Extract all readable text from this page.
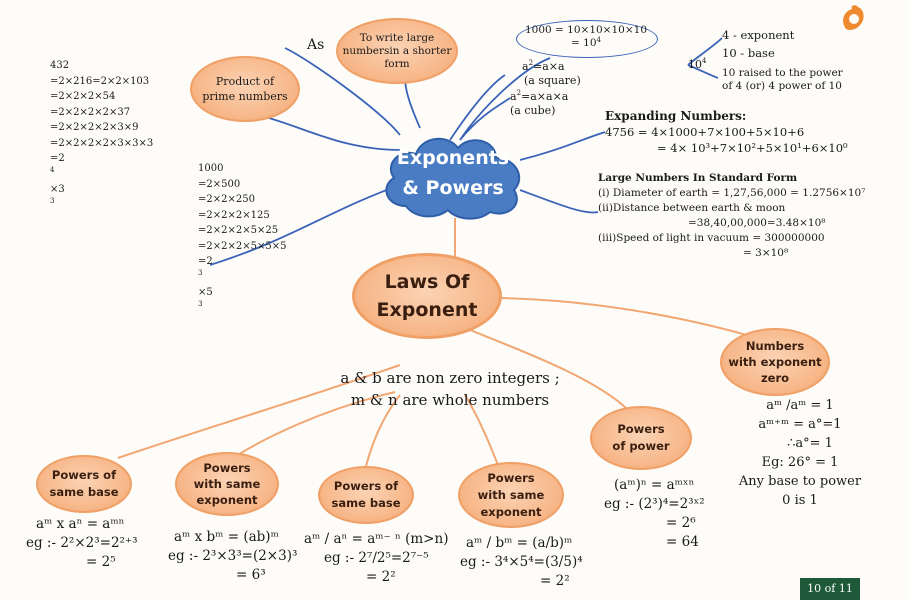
Exponents
& Powers
Laws Of
Exponent
As	To write large
numbersin a shorter
form
1000 = 10×10×10×10
= $10^4$
$a^2=a\times a$
(a square)
$a^2=a\times a\times a$
(a cube)
$10^4$
4 - exponent
10 - base
10 raised to the power
of 4 (or) 4 power of 10
Product of
prime numbers
432
=2×216=2×2×103
=2×2×2×54
=2×2×2×2×37
=2×2×2×2×3×9
=2×2×2×2×3×3×3
=2
$^4$
×3
$^3$
1000
=2×500
=2×2×250
=2×2×2×125
=2×2×2×5×25
=2×2×2×5×5×5
=2
$^3$
×5
$^3$
Expanding Numbers:
4756 = 4×1000+7×100+5×10+6
= 4× 10³+7×10²+5×10¹+6×10⁰
Large Numbers In Standard Form
(i) Diameter of earth = 1,27,56,000 = 1.2756×10⁷
(ii)Distance between earth & moon
=38,40,00,000=3.48×10⁸
(iii)Speed of light in vacuum = 300000000
= 3×10⁸
a & b are non zero integers ;
m & n are whole numbers
Numbers
with exponent
zero
aᵐ /aᵐ = 1
aᵐ⁺ᵐ = a°=1
∴a°= 1
Eg: 26° = 1
Any base to power
0 is 1
Powers
of power
(aᵐ)ⁿ = aᵐˣⁿ
eg :- (2³)⁴=2³ˣ²
= 2⁶
= 64
Powers of
same base
aᵐ x aⁿ = aᵐⁿ
eg :- 2²×2³=2²⁺³
= 2⁵
Powers
with same
exponent
aᵐ x bᵐ = (ab)ᵐ
eg :- 2³×3³=(2×3)³
= 6³
Powers of
same base
aᵐ / aⁿ = aᵐ⁻ ⁿ (m>n)
eg :- 2⁷/2⁵=2⁷⁻⁵
= 2²
Powers
with same
exponent
aᵐ / bᵐ = (a/b)ᵐ
eg :- 3⁴×5⁴=(3/5)⁴
= 2²	10 of 11
